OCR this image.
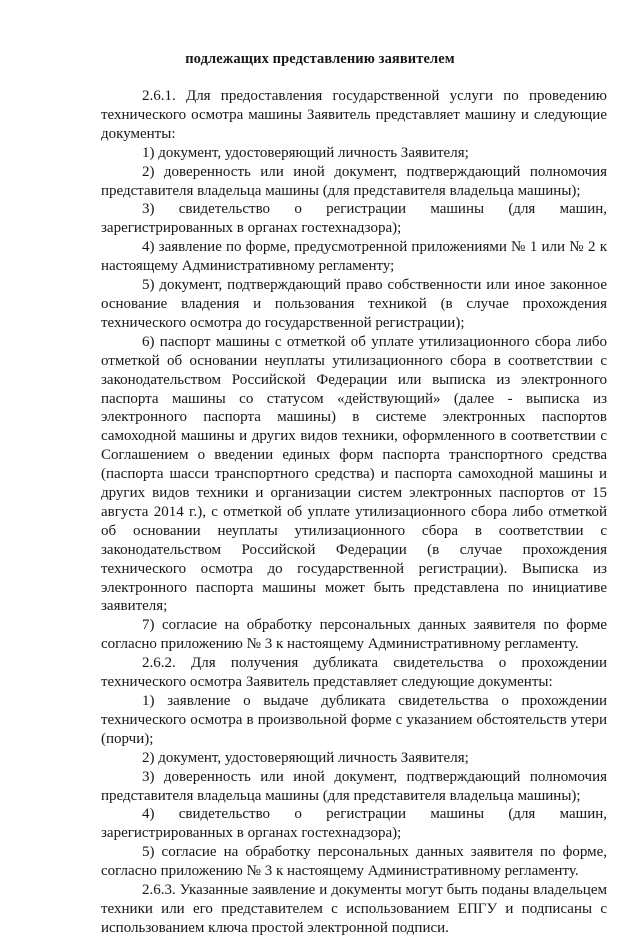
подлежащих представлению заявителем

2.6.1. Для предоставления государственной услуги по проведению технического осмотра машины Заявитель представляет машину и следующие документы:

1) документ, удостоверяющий личность Заявителя;

2) доверенность или иной документ, подтверждающий полномочия представителя владельца машины (для представителя владельца машины);

3) свидетельство о регистрации машины (для машин, зарегистрированных в органах гостехнадзора);

4) заявление по форме, предусмотренной приложениями № 1 или № 2 к настоящему Административному регламенту;

5) документ, подтверждающий право собственности или иное законное основание владения и пользования техникой (в случае прохождения технического осмотра до государственной регистрации);

6) паспорт машины с отметкой об уплате утилизационного сбора либо отметкой об основании неуплаты утилизационного сбора в соответствии с законодательством Российской Федерации или выписка из электронного паспорта машины со статусом «действующий» (далее - выписка из электронного паспорта машины) в системе электронных паспортов самоходной машины и других видов техники, оформленного в соответствии с Соглашением о введении единых форм паспорта транспортного средства (паспорта шасси транспортного средства) и паспорта самоходной машины и других видов техники и организации систем электронных паспортов от 15 августа 2014 г.), с отметкой об уплате утилизационного сбора либо отметкой об основании неуплаты утилизационного сбора в соответствии с законодательством Российской Федерации (в случае прохождения технического осмотра до государственной регистрации). Выписка из электронного паспорта машины может быть представлена по инициативе заявителя;

7) согласие на обработку персональных данных заявителя по форме согласно приложению № 3 к настоящему Административному регламенту.

2.6.2. Для получения дубликата свидетельства о прохождении технического осмотра Заявитель представляет следующие документы:

1) заявление о выдаче дубликата свидетельства о прохождении технического осмотра в произвольной форме с указанием обстоятельств утери (порчи);

2) документ, удостоверяющий личность Заявителя;

3) доверенность или иной документ, подтверждающий полномочия представителя владельца машины (для представителя владельца машины);

4) свидетельство о регистрации машины (для машин, зарегистрированных в органах гостехнадзора);

5) согласие на обработку персональных данных заявителя по форме, согласно приложению № 3 к настоящему Административному регламенту.

2.6.3. Указанные заявление и документы могут быть поданы владельцем техники или его представителем с использованием ЕПГУ и подписаны с использованием ключа простой электронной подписи.
